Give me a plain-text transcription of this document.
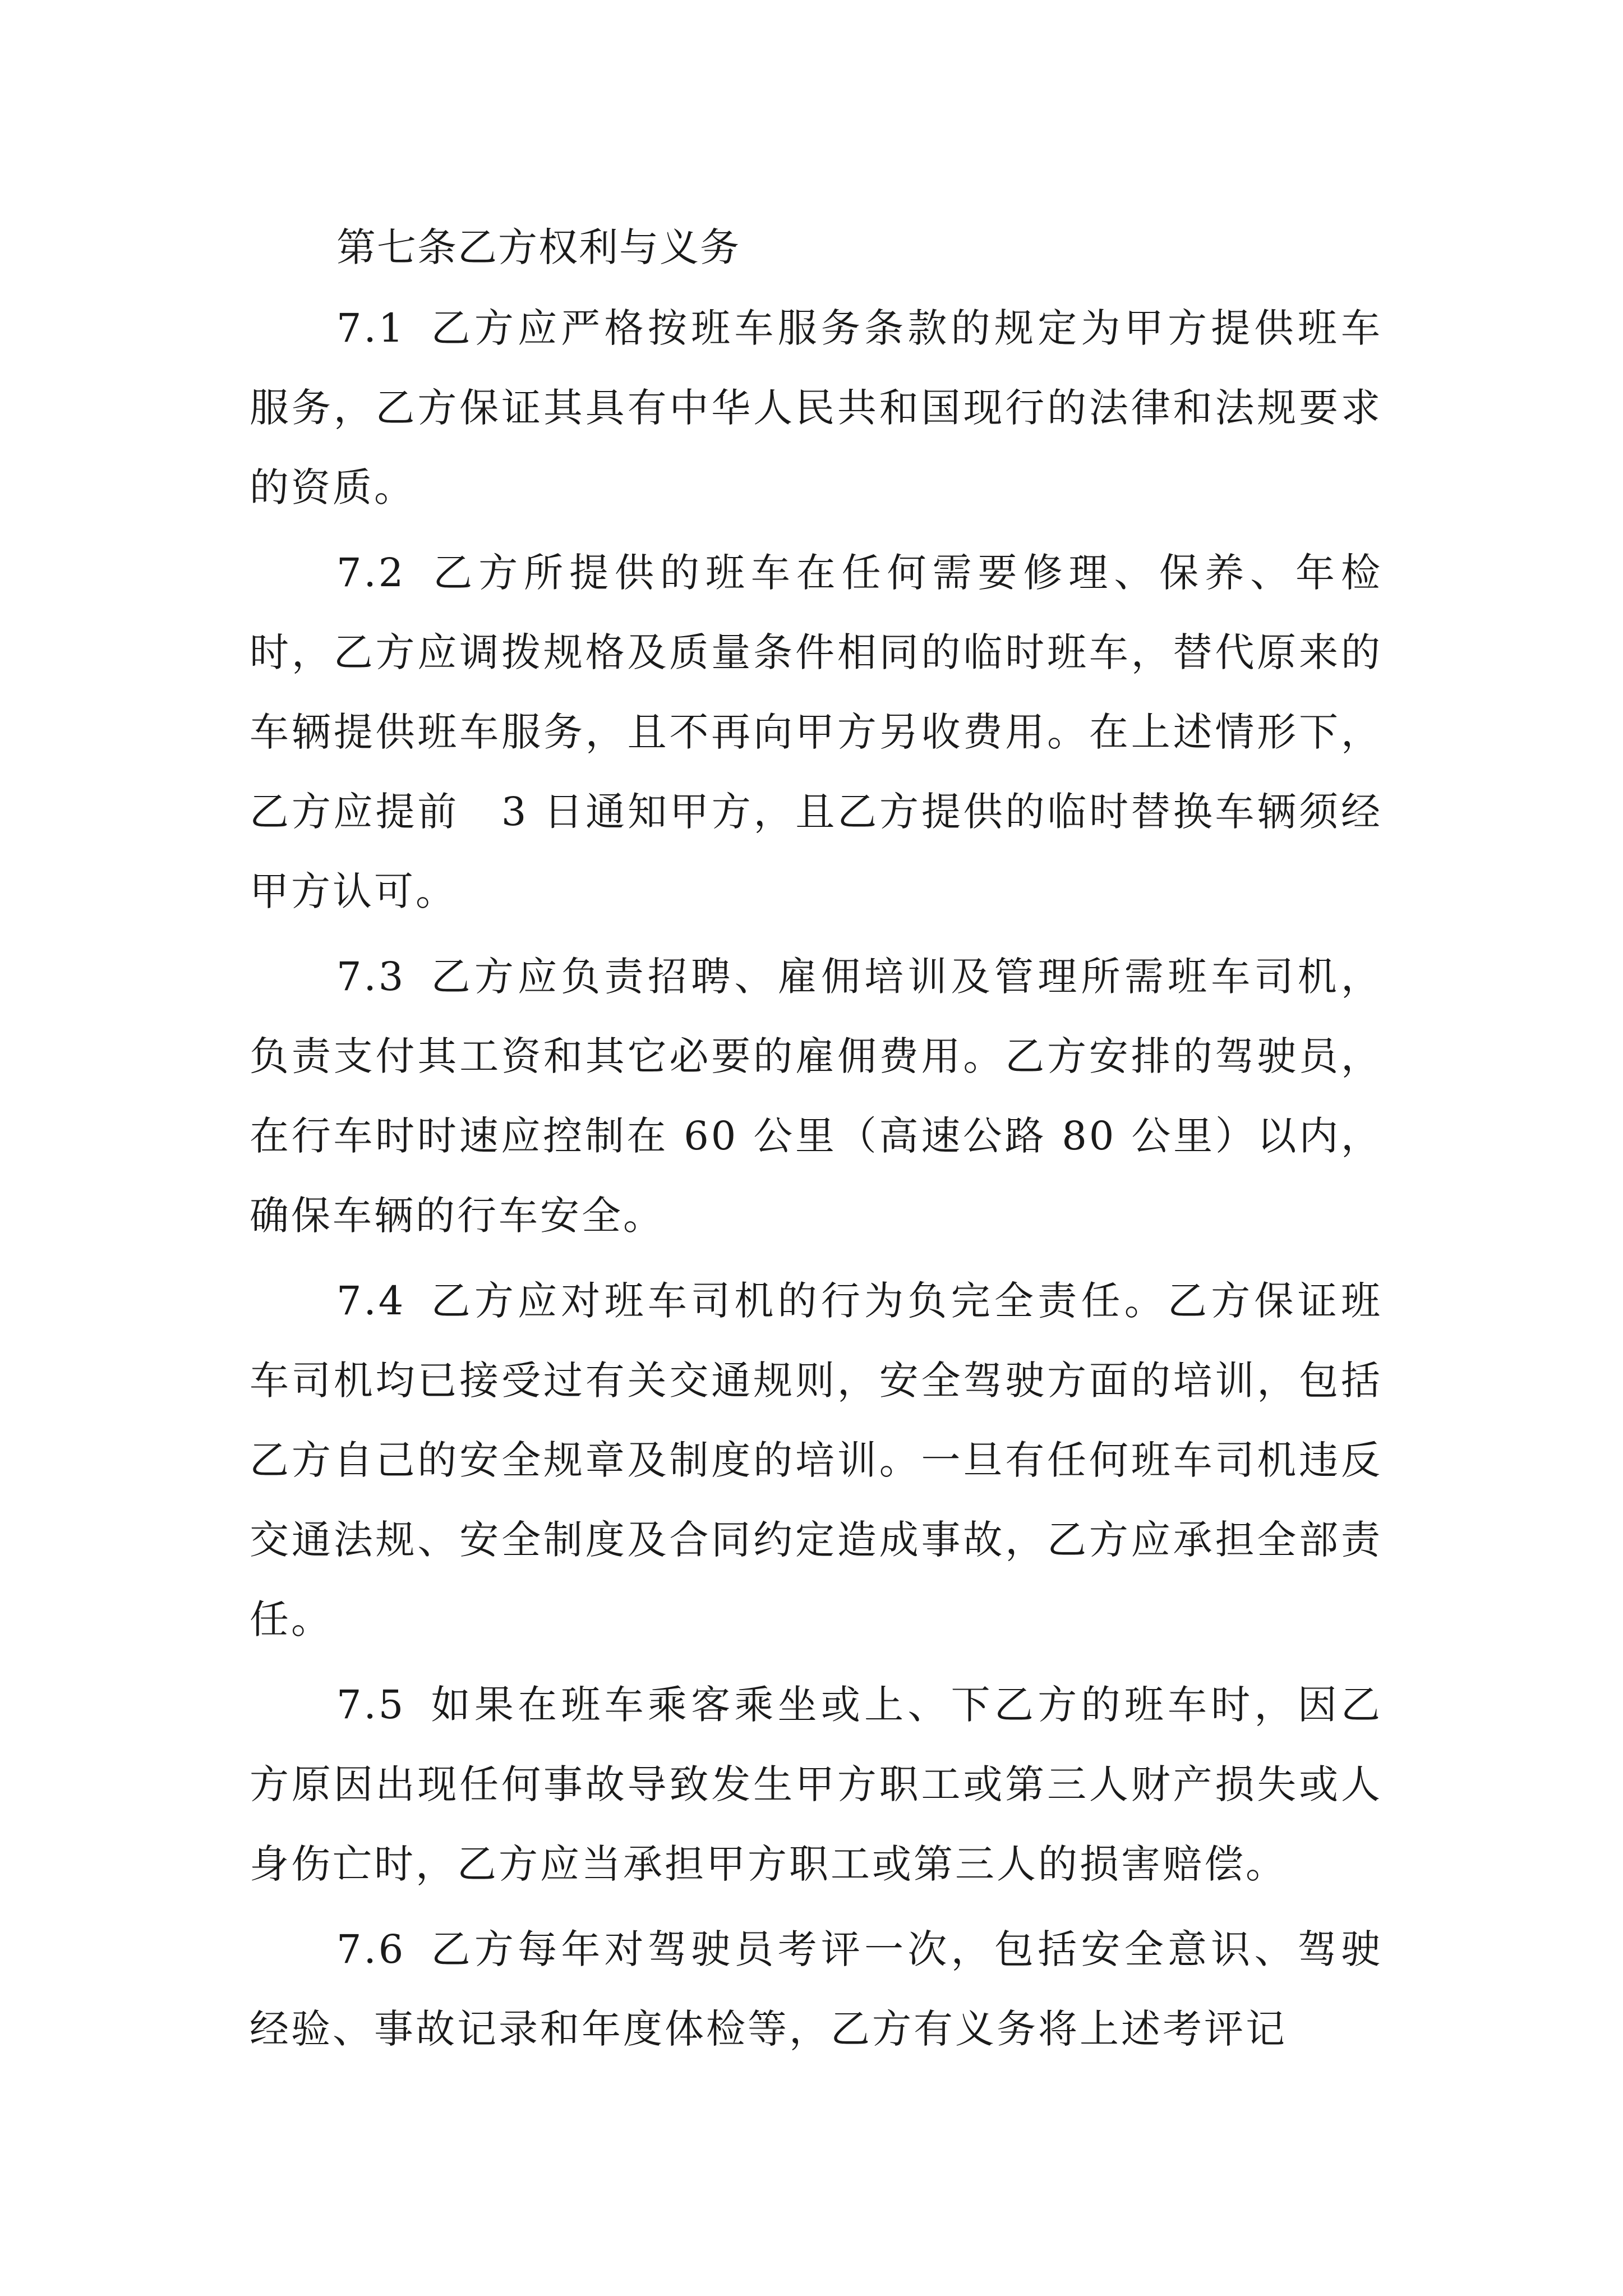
第七条乙方权利与义务

7.1 乙方应严格按班车服务条款的规定为甲方提供班车服务，乙方保证其具有中华人民共和国现行的法律和法规要求的资质。

7.2 乙方所提供的班车在任何需要修理、保养、年检时，乙方应调拨规格及质量条件相同的临时班车，替代原来的车辆提供班车服务，且不再向甲方另收费用。在上述情形下，乙方应提前　3 日通知甲方，且乙方提供的临时替换车辆须经甲方认可。

7.3 乙方应负责招聘、雇佣培训及管理所需班车司机，负责支付其工资和其它必要的雇佣费用。乙方安排的驾驶员，在行车时时速应控制在 60 公里（高速公路 80 公里）以内，确保车辆的行车安全。

7.4 乙方应对班车司机的行为负完全责任。乙方保证班车司机均已接受过有关交通规则，安全驾驶方面的培训，包括乙方自己的安全规章及制度的培训。一旦有任何班车司机违反交通法规、安全制度及合同约定造成事故，乙方应承担全部责任。

7.5 如果在班车乘客乘坐或上、下乙方的班车时，因乙方原因出现任何事故导致发生甲方职工或第三人财产损失或人身伤亡时，乙方应当承担甲方职工或第三人的损害赔偿。

7.6 乙方每年对驾驶员考评一次，包括安全意识、驾驶经验、事故记录和年度体检等，乙方有义务将上述考评记
